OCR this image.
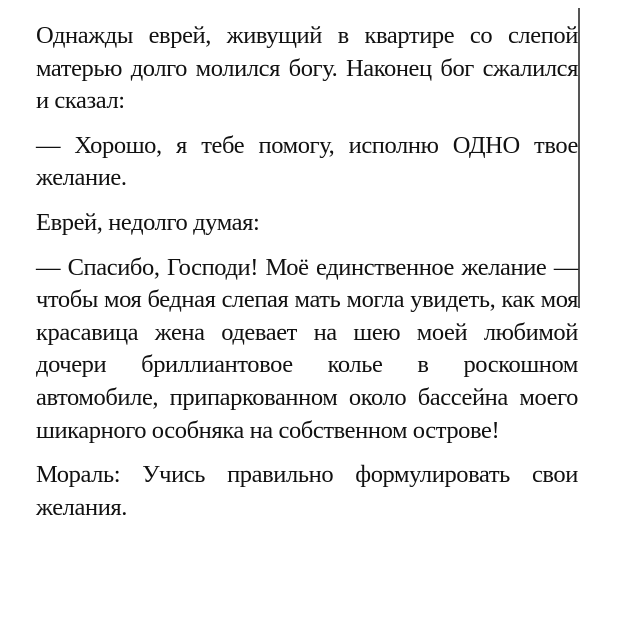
Однажды еврей, живущий в квартире со слепой матерью долго молился богу. Наконец бог сжалился и сказал:

— Хорошо, я тебе помогу, исполню ОДНО твое желание.

Еврей, недолго думая:

— Спасибо, Господи! Моё единственное желание — чтобы моя бедная слепая мать могла увидеть, как моя красавица жена одевает на шею моей любимой дочери бриллиантовое колье в роскошном автомобиле, припаркованном около бассейна моего шикарного особняка на собственном острове!

Мораль: Учись правильно формулировать свои желания.
